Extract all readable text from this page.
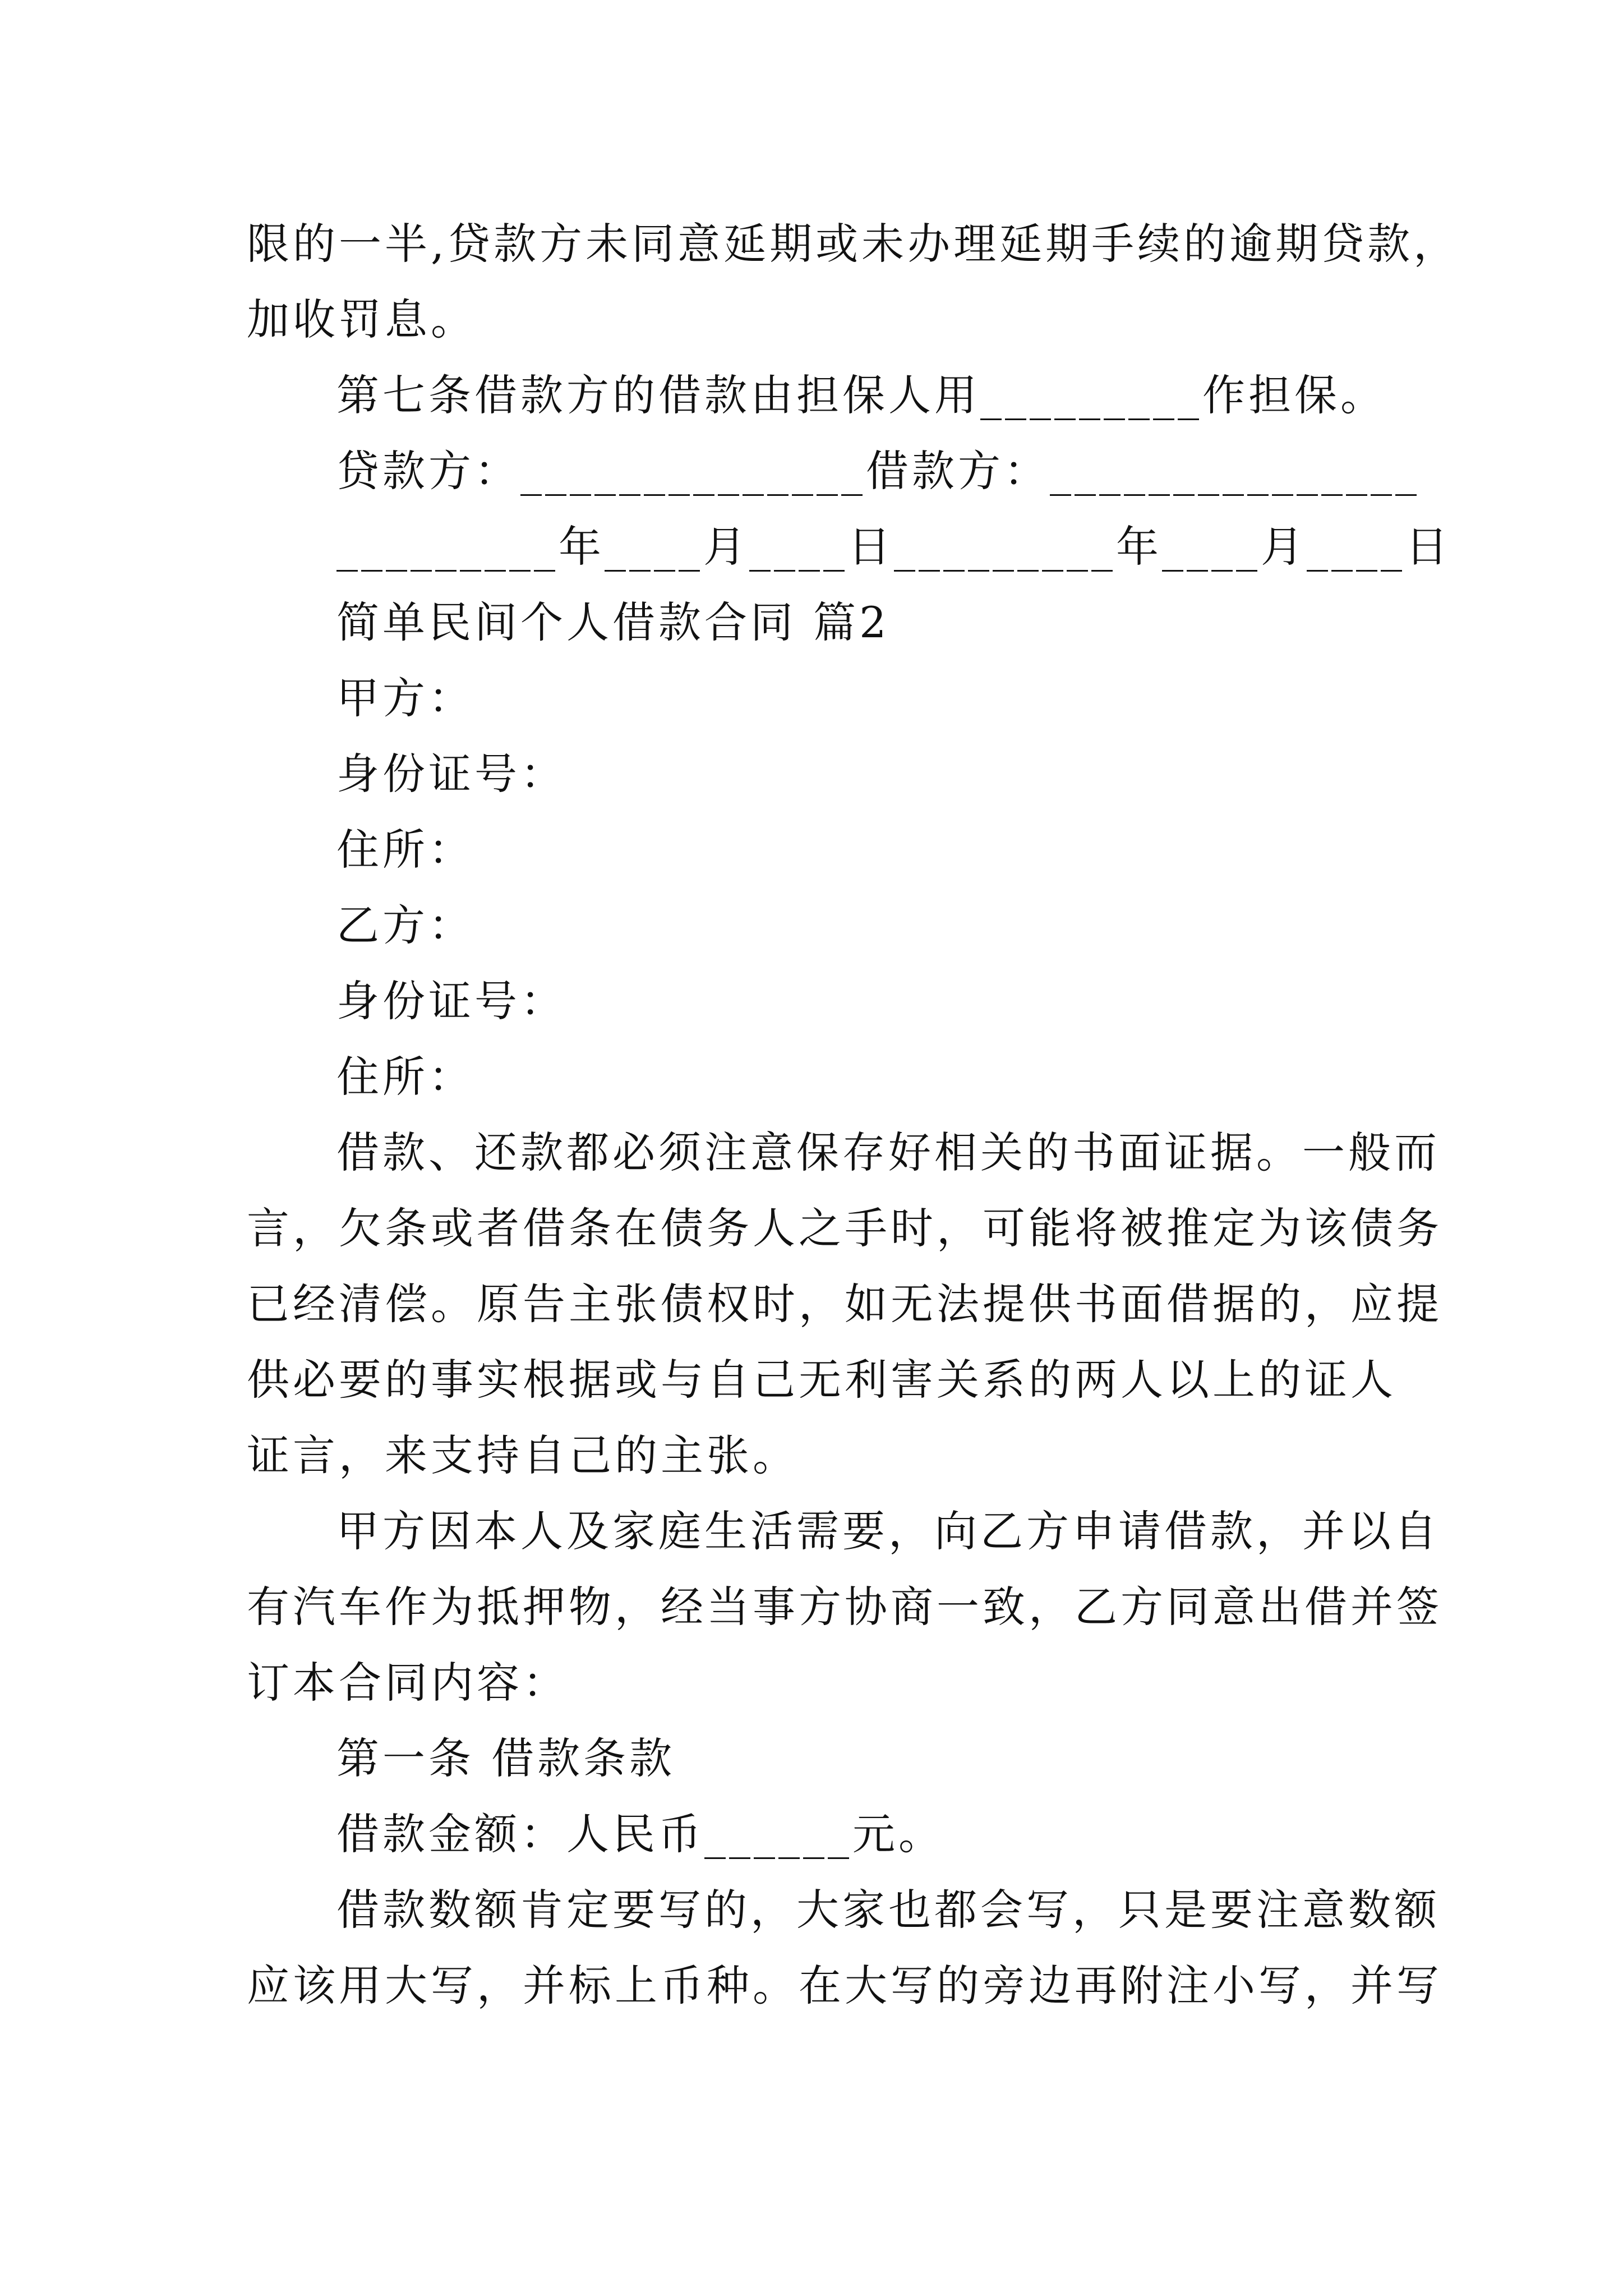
限的一半,贷款方未同意延期或未办理延期手续的逾期贷款，
加收罚息。
第七条借款方的借款由担保人用_________作担保。
贷款方：______________借款方：_______________
_________年____月____日_________年____月____日
简单民间个人借款合同 篇2
甲方：
身份证号：
住所：
乙方：
身份证号：
住所：
借款、还款都必须注意保存好相关的书面证据。一般而
言，欠条或者借条在债务人之手时，可能将被推定为该债务
已经清偿。原告主张债权时，如无法提供书面借据的，应提
供必要的事实根据或与自己无利害关系的两人以上的证人
证言，来支持自己的主张。
甲方因本人及家庭生活需要，向乙方申请借款，并以自
有汽车作为抵押物，经当事方协商一致，乙方同意出借并签
订本合同内容：
第一条 借款条款
借款金额：人民币______元。
借款数额肯定要写的，大家也都会写，只是要注意数额
应该用大写，并标上币种。在大写的旁边再附注小写，并写
